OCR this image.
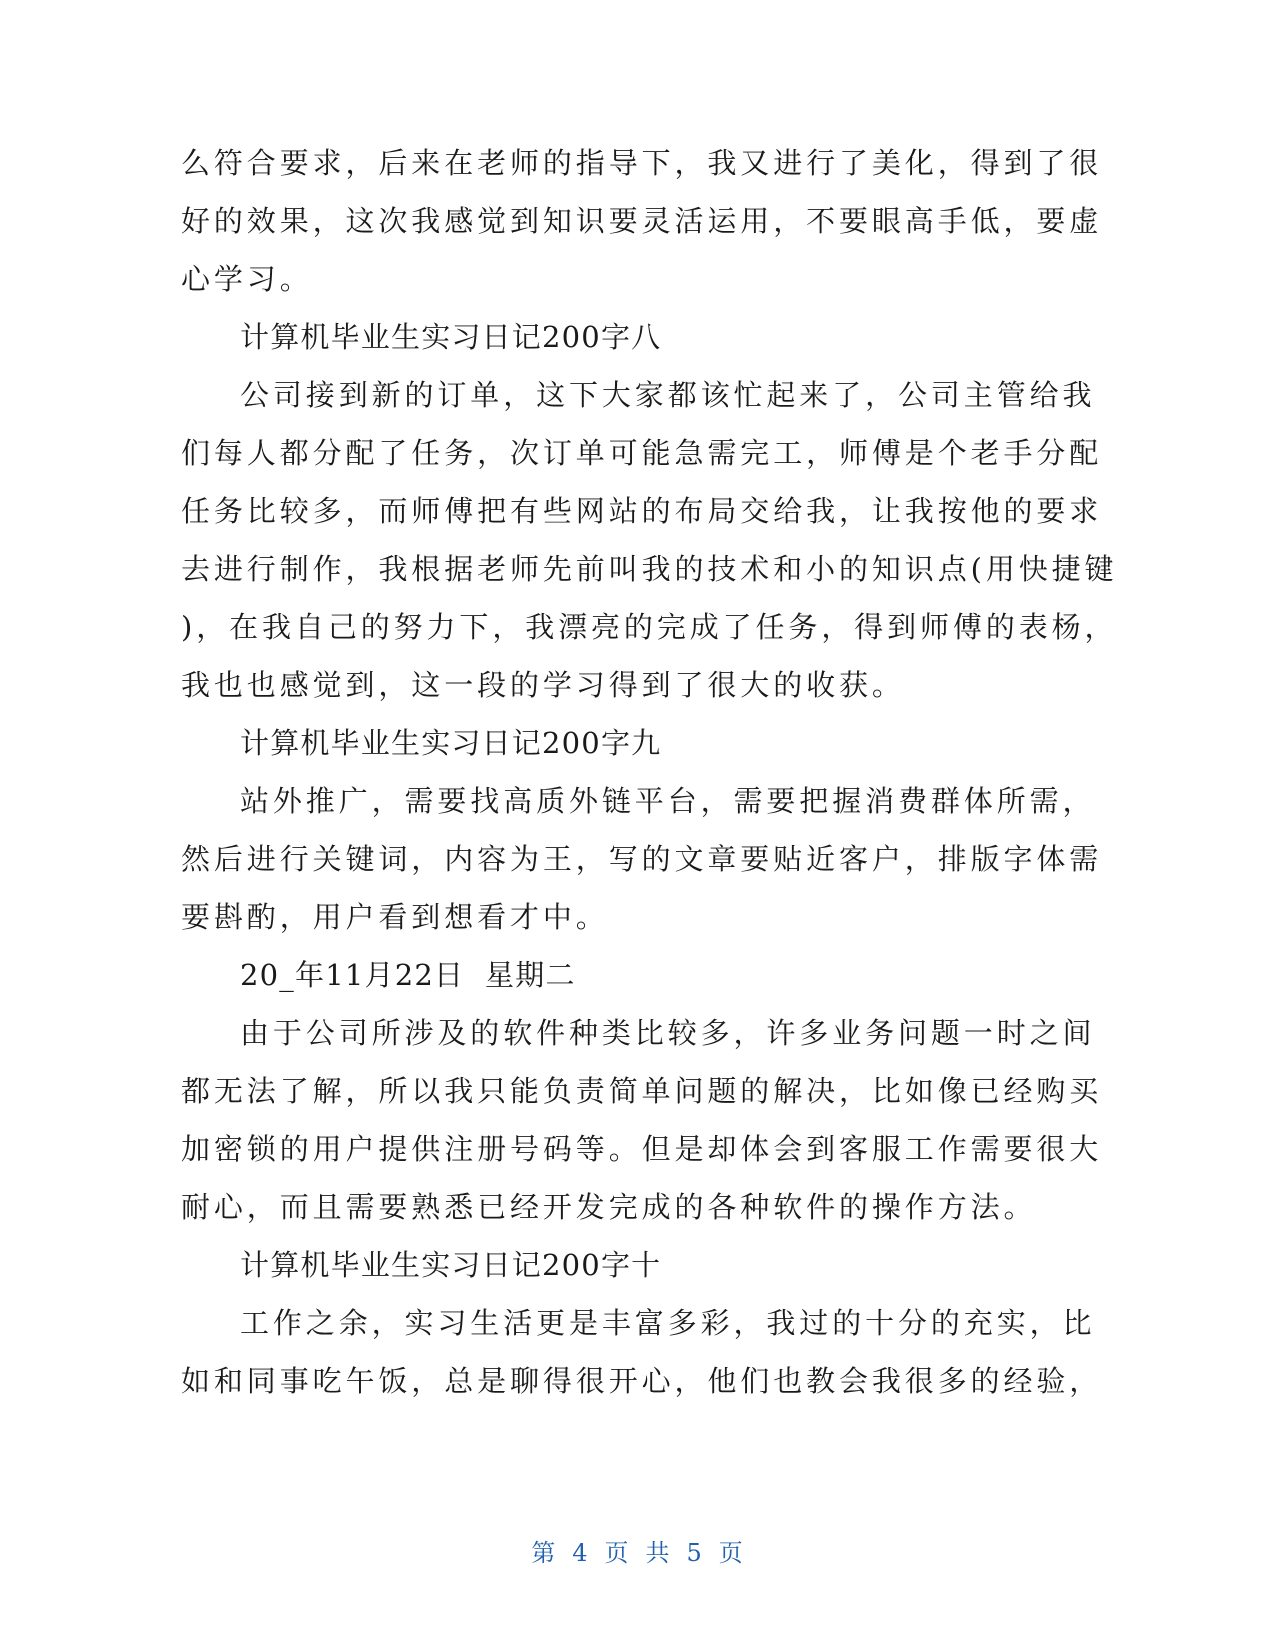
么符合要求，后来在老师的指导下，我又进行了美化，得到了很
好的效果，这次我感觉到知识要灵活运用，不要眼高手低，要虚
心学习。
计算机毕业生实习日记200字八
公司接到新的订单，这下大家都该忙起来了，公司主管给我
们每人都分配了任务，次订单可能急需完工，师傅是个老手分配
任务比较多，而师傅把有些网站的布局交给我，让我按他的要求
去进行制作，我根据老师先前叫我的技术和小的知识点(用快捷键
)，在我自己的努力下，我漂亮的完成了任务，得到师傅的表杨，
我也也感觉到，这一段的学习得到了很大的收获。
计算机毕业生实习日记200字九
站外推广，需要找高质外链平台，需要把握消费群体所需，
然后进行关键词，内容为王，写的文章要贴近客户，排版字体需
要斟酌，用户看到想看才中。
20_年11月22日  星期二
由于公司所涉及的软件种类比较多，许多业务问题一时之间
都无法了解，所以我只能负责简单问题的解决，比如像已经购买
加密锁的用户提供注册号码等。但是却体会到客服工作需要很大
耐心，而且需要熟悉已经开发完成的各种软件的操作方法。
计算机毕业生实习日记200字十
工作之余，实习生活更是丰富多彩，我过的十分的充实，比
如和同事吃午饭，总是聊得很开心，他们也教会我很多的经验，
第 4 页 共 5 页
